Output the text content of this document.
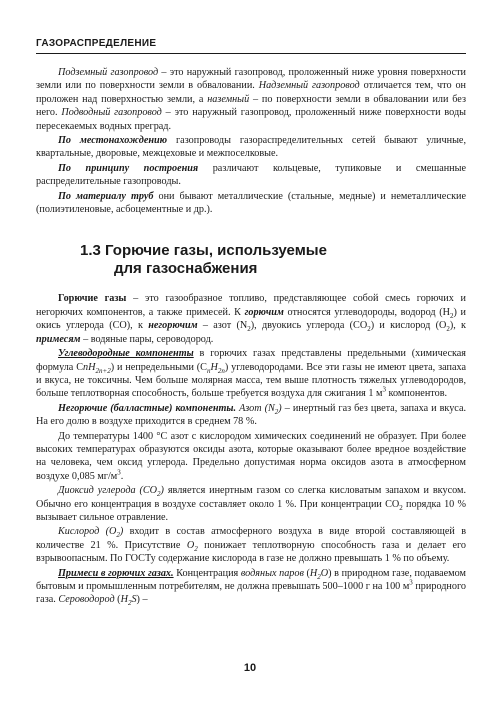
ГАЗОРАСПРЕДЕЛЕНИЕ

Подземный газопровод – это наружный газопровод, проложенный ниже уровня поверхности земли или по поверхности земли в обваловании. Надземный газопровод отличается тем, что он проложен над поверхностью земли, а наземный – по поверхности земли в обваловании или без него. Подводный газопровод – это наружный газопровод, проложенный ниже поверхности воды пересекаемых водных преград.

По местонахождению газопроводы газораспределительных сетей бывают уличные, квартальные, дворовые, межцеховые и межпоселковые.

По принципу построения различают кольцевые, тупиковые и смешанные распределительные газопроводы.

По материалу труб они бывают металлические (стальные, медные) и неметаллические (полиэтиленовые, асбоцементные и др.).

1.3 Горючие газы, используемые
для газоснабжения

Горючие газы – это газообразное топливо, представляющее собой смесь горючих и негорючих компонентов, а также примесей. К горючим относятся углеводороды, водород $(H_2)$ и окись углерода (CO), к негорючим – азот $(N_2)$, двуокись углерода $(CO_2)$ и кислород $(O_2)$, к примесям – водяные пары, сероводород.

Углеводородные компоненты в горючих газах представлены предельными (химическая формула CnH$_{2n+2}$) и непредельными $(C_nH_{2n})$ углеводородами. Все эти газы не имеют цвета, запаха и вкуса, не токсичны. Чем больше молярная масса, тем выше плотность тяжелых углеводородов, больше теплотворная способность, больше требуется воздуха для сжигания 1 $м^3$ компонентов.

Негорючие (балластные) компоненты. Азот $(N_2)$ – инертный газ без цвета, запаха и вкуса. На его долю в воздухе приходится в среднем 78 %.

До температуры 1400 °C азот с кислородом химических соединений не образует. При более высоких температурах образуются оксиды азота, которые оказывают более вредное воздействие на человека, чем оксид углерода. Предельно допустимая норма оксидов азота в атмосферном воздухе 0,085 $мг/м^3$.

Диоксид углерода $(CO_2)$ является инертным газом со слегка кисловатым запахом и вкусом. Обычно его концентрация в воздухе составляет около 1 %. При концентрации $CO_2$ порядка 10 % вызывает сильное отравление.

Кислород $(O_2)$ входит в состав атмосферного воздуха в виде второй составляющей в количестве 21 %. Присутствие $O_2$ понижает теплотворную способность газа и делает его взрывоопасным. По ГОСТу содержание кислорода в газе не должно превышать 1 % по объему.

Примеси в горючих газах. Концентрация водяных паров $(H_2O)$ в природном газе, подаваемом бытовым и промышленным потребителям, не должна превышать 500–1000 г на 100 $м^3$ природного газа. Сероводород $(H_2S)$ –

10
